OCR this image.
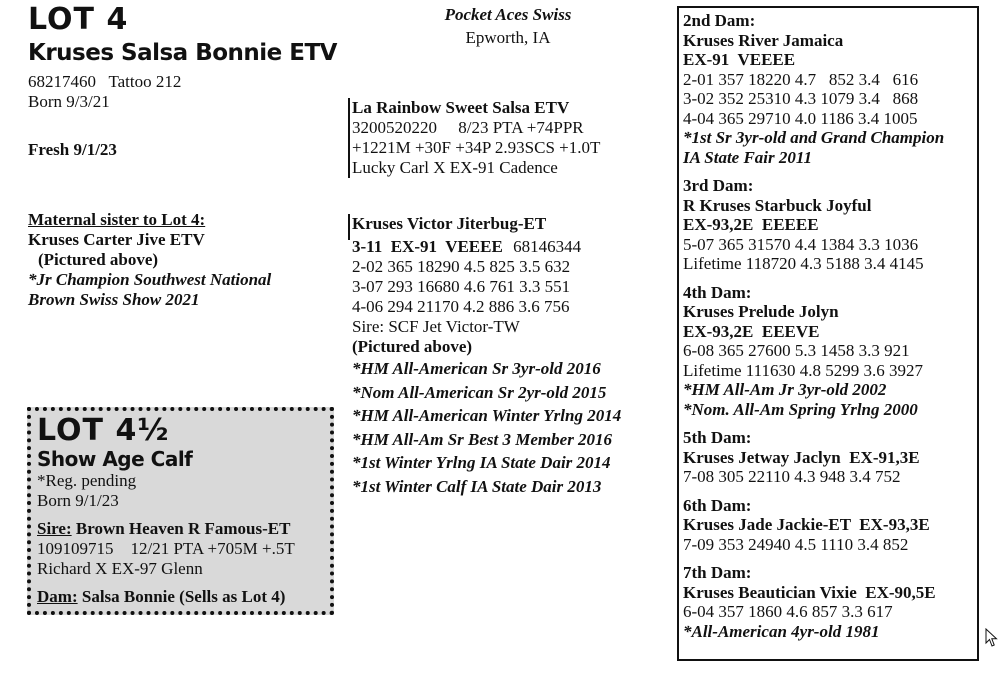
LOT 4
Kruses Salsa Bonnie ETV
68217460   Tattoo 212
Born 9/3/21
Fresh 9/1/23
Maternal sister to Lot 4:
Kruses Carter Jive ETV
(Pictured above)
*Jr Champion Southwest National
Brown Swiss Show 2021
LOT 4½
Show Age Calf
*Reg. pending
Born 9/1/23
Sire: Brown Heaven R Famous-ET
109109715    12/21 PTA +705M +.5T
Richard X EX-97 Glenn
Dam: Salsa Bonnie (Sells as Lot 4)
Pocket Aces Swiss
Epworth, IA
La Rainbow Sweet Salsa ETV
3200520220     8/23 PTA +74PPR
+1221M +30F +34P 2.93SCS +1.0T
Lucky Carl X EX-91 Cadence
Kruses Victor Jiterbug-ET
3-11  EX-91  VEEEE 68146344
2-02 365 18290 4.5 825 3.5 632
3-07 293 16680 4.6 761 3.3 551
4-06 294 21170 4.2 886 3.6 756
Sire: SCF Jet Victor-TW
(Pictured above)
*HM All-American Sr 3yr-old 2016
*Nom All-American Sr 2yr-old 2015
*HM All-American Winter Yrlng 2014
*HM All-Am Sr Best 3 Member 2016
*1st Winter Yrlng IA State Dair 2014
*1st Winter Calf IA State Dair 2013
2nd Dam:
Kruses River Jamaica
EX-91  VEEEE
2-01 357 18220 4.7   852 3.4   616
3-02 352 25310 4.3 1079 3.4   868
4-04 365 29710 4.0 1186 3.4 1005
*1st Sr 3yr-old and Grand Champion
IA State Fair 2011
3rd Dam:
R Kruses Starbuck Joyful
EX-93,2E  EEEEE
5-07 365 31570 4.4 1384 3.3 1036
Lifetime 118720 4.3 5188 3.4 4145
4th Dam:
Kruses Prelude Jolyn
EX-93,2E  EEEVE
6-08 365 27600 5.3 1458 3.3 921
Lifetime 111630 4.8 5299 3.6 3927
*HM All-Am Jr 3yr-old 2002
*Nom. All-Am Spring Yrlng 2000
5th Dam:
Kruses Jetway Jaclyn  EX-91,3E
7-08 305 22110 4.3 948 3.4 752
6th Dam:
Kruses Jade Jackie-ET  EX-93,3E
7-09 353 24940 4.5 1110 3.4 852
7th Dam:
Kruses Beautician Vixie  EX-90,5E
6-04 357 1860 4.6 857 3.3 617
*All-American 4yr-old 1981
